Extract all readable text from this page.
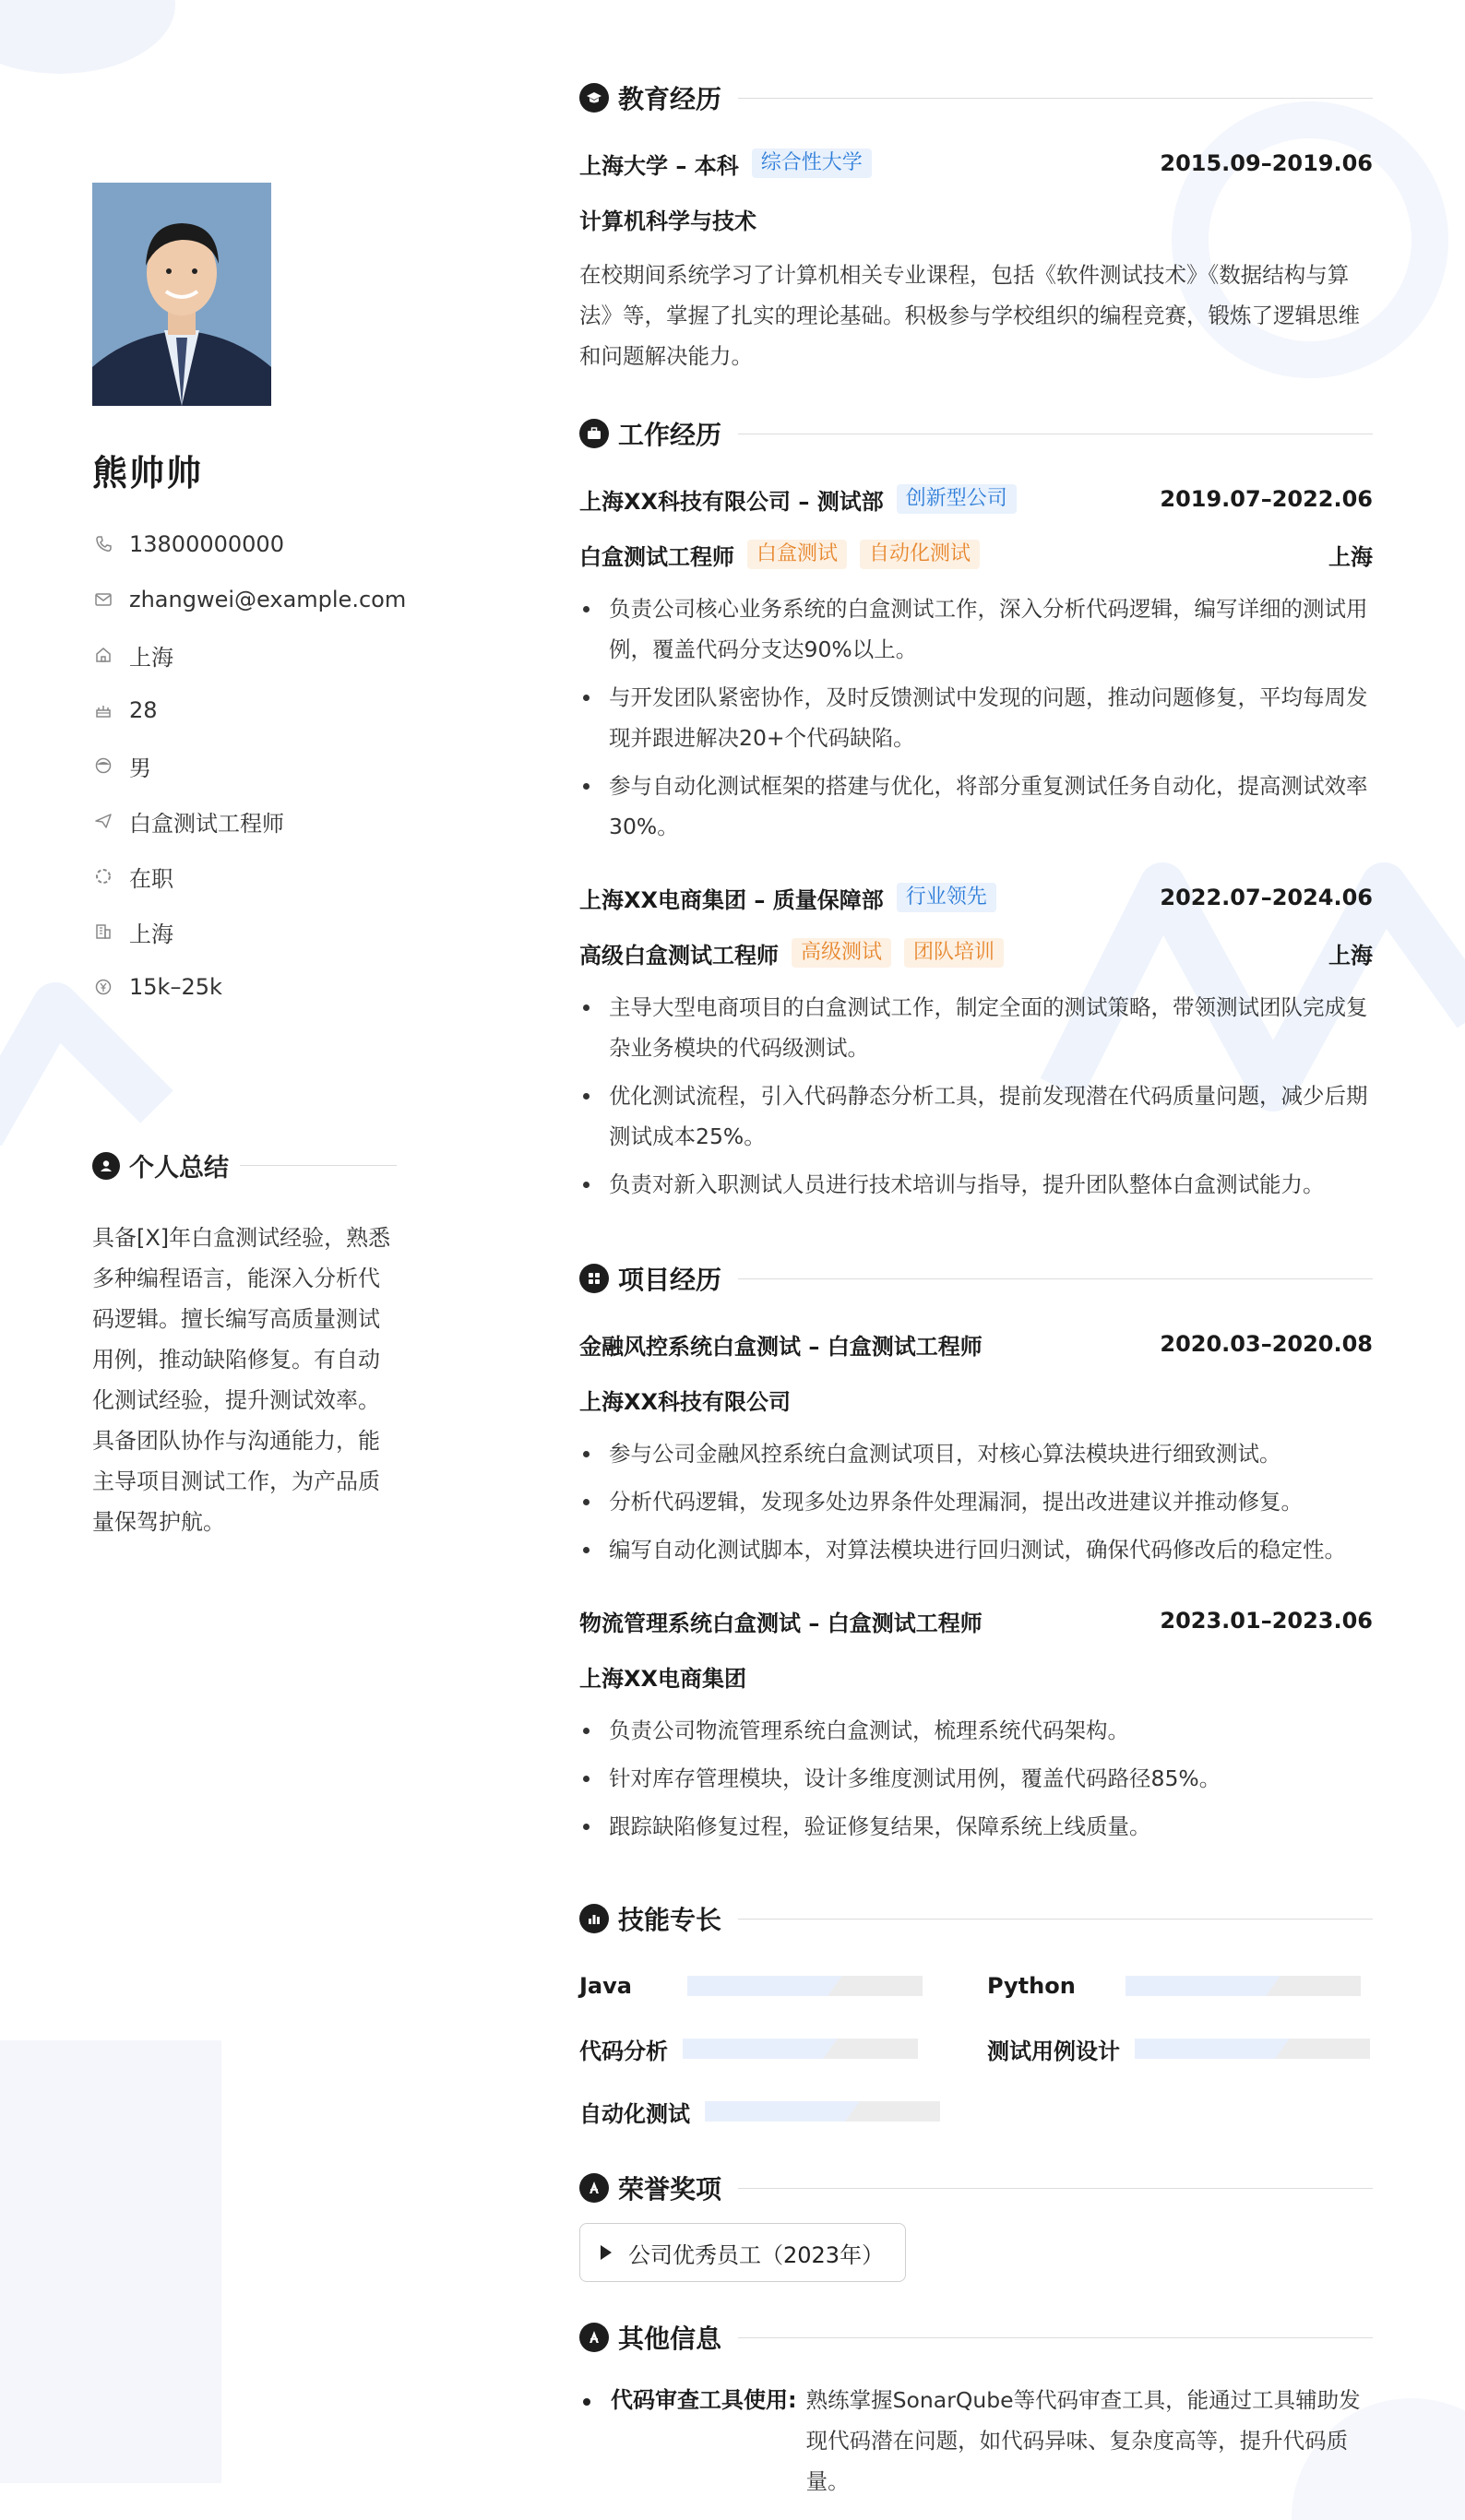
熊帅帅
13800000000
zhangwei@example.com
上海
28
男
白盒测试工程师
在职
上海
15k–25k
个人总结

具备[X]年白盒测试经验，熟悉多种编程语言，能深入分析代码逻辑。擅长编写高质量测试用例，推动缺陷修复。有自动化测试经验，提升测试效率。具备团队协作与沟通能力，能主导项目测试工作，为产品质量保驾护航。

教育经历
上海大学 – 本科	综合性大学	2015.09–2019.06
计算机科学与技术

在校期间系统学习了计算机相关专业课程，包括《软件测试技术》《数据结构与算法》等，掌握了扎实的理论基础。积极参与学校组织的编程竞赛，锻炼了逻辑思维和问题解决能力。

工作经历
上海XX科技有限公司 – 测试部	创新型公司	2019.07–2022.06
白盒测试工程师	白盒测试	自动化测试	上海
负责公司核心业务系统的白盒测试工作，深入分析代码逻辑，编写详细的测试用例，覆盖代码分支达90%以上。
与开发团队紧密协作，及时反馈测试中发现的问题，推动问题修复，平均每周发现并跟进解决20+个代码缺陷。
参与自动化测试框架的搭建与优化，将部分重复测试任务自动化，提高测试效率30%。
上海XX电商集团 – 质量保障部	行业领先	2022.07–2024.06
高级白盒测试工程师	高级测试	团队培训	上海
主导大型电商项目的白盒测试工作，制定全面的测试策略，带领测试团队完成复杂业务模块的代码级测试。
优化测试流程，引入代码静态分析工具，提前发现潜在代码质量问题，减少后期测试成本25%。
负责对新入职测试人员进行技术培训与指导，提升团队整体白盒测试能力。
项目经历
金融风控系统白盒测试 – 白盒测试工程师	2020.03–2020.08
上海XX科技有限公司
参与公司金融风控系统白盒测试项目，对核心算法模块进行细致测试。
分析代码逻辑，发现多处边界条件处理漏洞，提出改进建议并推动修复。
编写自动化测试脚本，对算法模块进行回归测试，确保代码修改后的稳定性。
物流管理系统白盒测试 – 白盒测试工程师	2023.01–2023.06
上海XX电商集团
负责公司物流管理系统白盒测试，梳理系统代码架构。
针对库存管理模块，设计多维度测试用例，覆盖代码路径85%。
跟踪缺陷修复过程，验证修复结果，保障系统上线质量。
技能专长
Java	Python
代码分析	测试用例设计
自动化测试
荣誉奖项
公司优秀员工（2023年）
其他信息
代码审查工具使用: 熟练掌握SonarQube等代码审查工具，能通过工具辅助发现代码潜在问题，如代码异味、复杂度高等，提升代码质量。
